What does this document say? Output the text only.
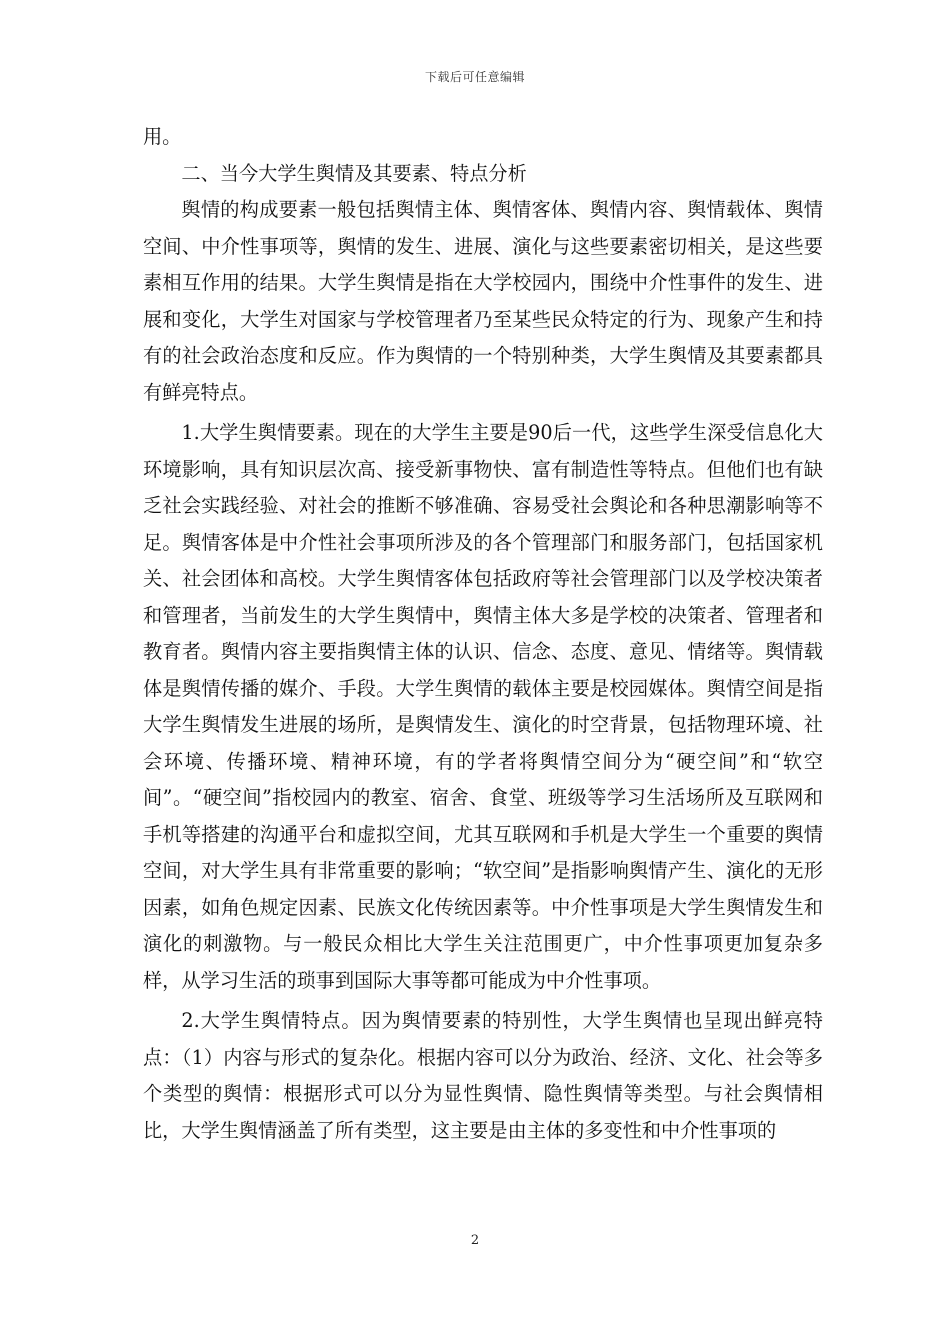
下载后可任意编辑

用。

二、当今大学生舆情及其要素、特点分析

舆情的构成要素一般包括舆情主体、舆情客体、舆情内容、舆情载体、舆情空间、中介性事项等，舆情的发生、进展、演化与这些要素密切相关，是这些要素相互作用的结果。大学生舆情是指在大学校园内，围绕中介性事件的发生、进展和变化，大学生对国家与学校管理者乃至某些民众特定的行为、现象产生和持有的社会政治态度和反应。作为舆情的一个特别种类，大学生舆情及其要素都具有鲜亮特点。

1.大学生舆情要素。现在的大学生主要是90后一代，这些学生深受信息化大环境影响，具有知识层次高、接受新事物快、富有制造性等特点。但他们也有缺乏社会实践经验、对社会的推断不够准确、容易受社会舆论和各种思潮影响等不足。舆情客体是中介性社会事项所涉及的各个管理部门和服务部门，包括国家机关、社会团体和高校。大学生舆情客体包括政府等社会管理部门以及学校决策者和管理者，当前发生的大学生舆情中，舆情主体大多是学校的决策者、管理者和教育者。舆情内容主要指舆情主体的认识、信念、态度、意见、情绪等。舆情载体是舆情传播的媒介、手段。大学生舆情的载体主要是校园媒体。舆情空间是指大学生舆情发生进展的场所，是舆情发生、演化的时空背景，包括物理环境、社会环境、传播环境、精神环境，有的学者将舆情空间分为“硬空间”和“软空间”。“硬空间”指校园内的教室、宿舍、食堂、班级等学习生活场所及互联网和手机等搭建的沟通平台和虚拟空间，尤其互联网和手机是大学生一个重要的舆情空间，对大学生具有非常重要的影响；“软空间”是指影响舆情产生、演化的无形因素，如角色规定因素、民族文化传统因素等。中介性事项是大学生舆情发生和演化的刺激物。与一般民众相比大学生关注范围更广，中介性事项更加复杂多样，从学习生活的琐事到国际大事等都可能成为中介性事项。

2.大学生舆情特点。因为舆情要素的特别性，大学生舆情也呈现出鲜亮特点：（1）内容与形式的复杂化。根据内容可以分为政治、经济、文化、社会等多个类型的舆情：根据形式可以分为显性舆情、隐性舆情等类型。与社会舆情相比，大学生舆情涵盖了所有类型，这主要是由主体的多变性和中介性事项的

2
